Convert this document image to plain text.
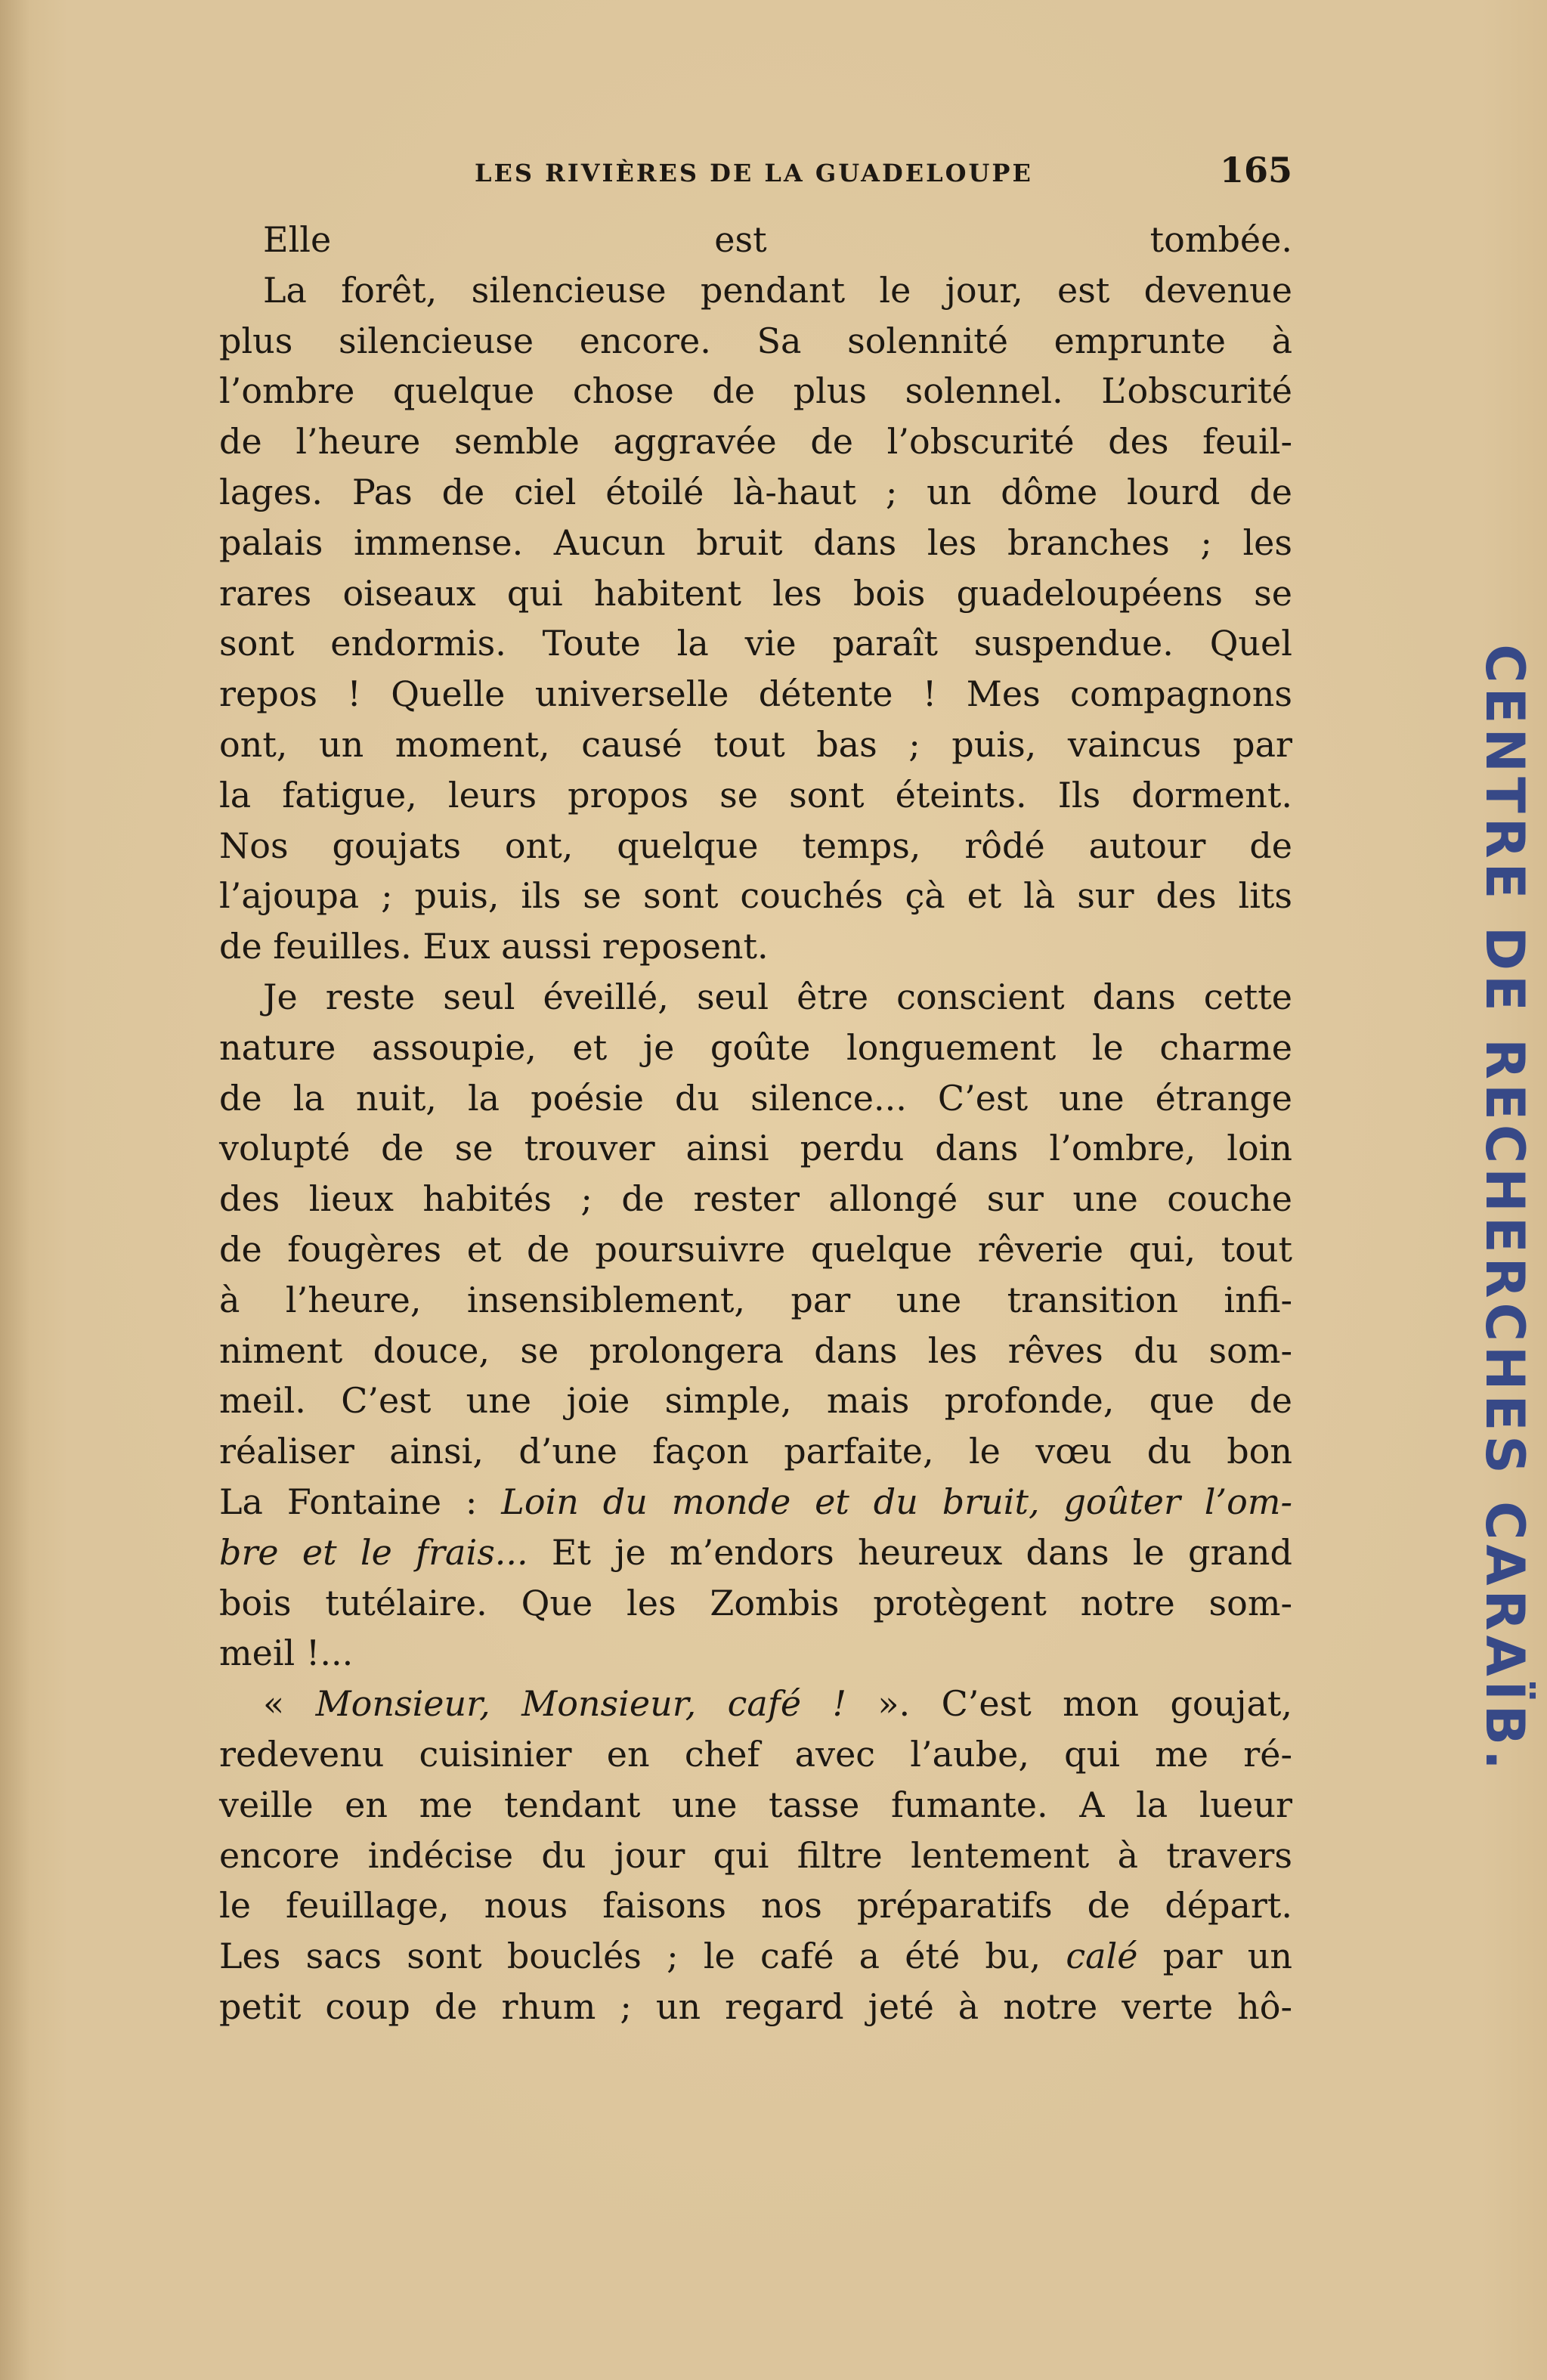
LES RIVIÈRES DE LA GUADELOUPE	165
Elle est tombée.
La forêt, silencieuse pendant le jour, est devenue
plus silencieuse encore. Sa solennité emprunte à
l’ombre quelque chose de plus solennel. L’obscurité
de l’heure semble aggravée de l’obscurité des feuil-
lages. Pas de ciel étoilé là-haut ; un dôme lourd de
palais immense. Aucun bruit dans les branches ; les
rares oiseaux qui habitent les bois guadeloupéens se
sont endormis. Toute la vie paraît suspendue. Quel
repos ! Quelle universelle détente ! Mes compagnons
ont, un moment, causé tout bas ; puis, vaincus par
la fatigue, leurs propos se sont éteints. Ils dorment.
Nos goujats ont, quelque temps, rôdé autour de
l’ajoupa ; puis, ils se sont couchés çà et là sur des lits
de feuilles. Eux aussi reposent.
Je reste seul éveillé, seul être conscient dans cette
nature assoupie, et je goûte longuement le charme
de la nuit, la poésie du silence... C’est une étrange
volupté de se trouver ainsi perdu dans l’ombre, loin
des lieux habités ; de rester allongé sur une couche
de fougères et de poursuivre quelque rêverie qui, tout
à l’heure, insensiblement, par une transition infi-
niment douce, se prolongera dans les rêves du som-
meil. C’est une joie simple, mais profonde, que de
réaliser ainsi, d’une façon parfaite, le vœu du bon
La Fontaine : Loin du monde et du bruit, goûter l’om-
bre et le frais... Et je m’endors heureux dans le grand
bois tutélaire. Que les Zombis protègent notre som-
meil !...
« Monsieur, Monsieur, café ! ». C’est mon goujat,
redevenu cuisinier en chef avec l’aube, qui me ré-
veille en me tendant une tasse fumante. A la lueur
encore indécise du jour qui filtre lentement à travers
le feuillage, nous faisons nos préparatifs de départ.
Les sacs sont bouclés ; le café a été bu, calé par un
petit coup de rhum ; un regard jeté à notre verte hô-
CENTRE DE RECHERCHES CARAÏB.
